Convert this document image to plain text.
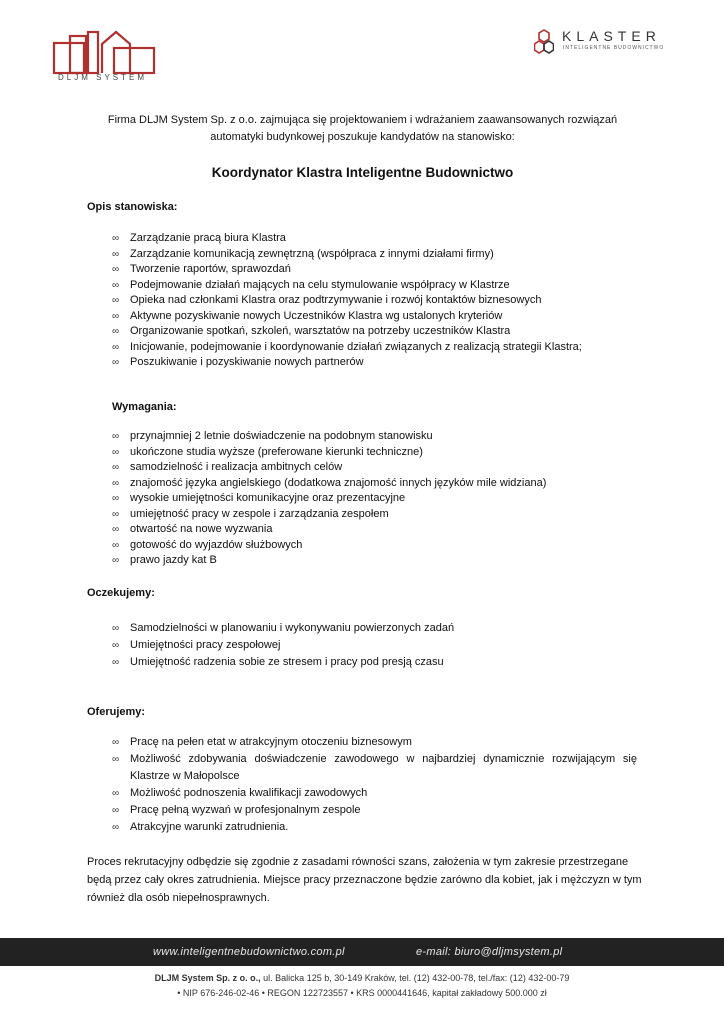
DLJM SYSTEM
KLASTER
INTELIGENTNE BUDOWNICTWO
Firma DLJM System Sp. z o.o. zajmująca się projektowaniem i wdrażaniem zaawansowanych rozwiązań automatyki budynkowej poszukuje kandydatów na stanowisko:
Koordynator Klastra Inteligentne Budownictwo
Opis stanowiska:
∞ Zarządzanie pracą biura Klastra
∞ Zarządzanie komunikacją zewnętrzną (współpraca z innymi działami firmy)
∞ Tworzenie raportów, sprawozdań
∞ Podejmowanie działań mających na celu stymulowanie współpracy w Klastrze
∞ Opieka nad członkami Klastra oraz podtrzymywanie i rozwój kontaktów biznesowych
∞ Aktywne pozyskiwanie nowych Uczestników Klastra wg ustalonych kryteriów
∞ Organizowanie spotkań, szkoleń, warsztatów na potrzeby uczestników Klastra
∞ Inicjowanie, podejmowanie i koordynowanie działań związanych z realizacją strategii Klastra;
∞ Poszukiwanie i pozyskiwanie nowych partnerów
Wymagania:
∞ przynajmniej 2 letnie doświadczenie na podobnym stanowisku
∞ ukończone studia wyższe (preferowane kierunki techniczne)
∞ samodzielność i realizacja ambitnych celów
∞ znajomość języka angielskiego (dodatkowa znajomość innych języków mile widziana)
∞ wysokie umiejętności komunikacyjne oraz prezentacyjne
∞ umiejętność pracy w zespole i zarządzania zespołem
∞ otwartość na nowe wyzwania
∞ gotowość do wyjazdów służbowych
∞ prawo jazdy kat B
Oczekujemy:
∞ Samodzielności w planowaniu i wykonywaniu powierzonych zadań
∞ Umiejętności pracy zespołowej
∞ Umiejętność radzenia sobie ze stresem i pracy pod presją czasu
Oferujemy:
∞ Pracę na pełen etat w atrakcyjnym otoczeniu biznesowym
∞ Możliwość zdobywania doświadczenie zawodowego w najbardziej dynamicznie rozwijającym się Klastrze w Małopolsce
∞ Możliwość podnoszenia kwalifikacji zawodowych
∞ Pracę pełną wyzwań w profesjonalnym zespole
∞ Atrakcyjne warunki zatrudnienia.
Proces rekrutacyjny odbędzie się zgodnie z zasadami równości szans, założenia w tym zakresie przestrzegane będą przez cały okres zatrudnienia. Miejsce pracy przeznaczone będzie zarówno dla kobiet, jak i mężczyzn w tym również dla osób niepełnosprawnych.
www.inteligentnebudownictwo.com.pl	e-mail: biuro@dljmsystem.pl
DLJM System Sp. z o. o., ul. Balicka 125 b, 30-149 Kraków, tel. (12) 432-00-78, tel./fax: (12) 432-00-79
• NIP 676-246-02-46 • REGON 122723557 • KRS 0000441646, kapitał zakładowy 500.000 zł
